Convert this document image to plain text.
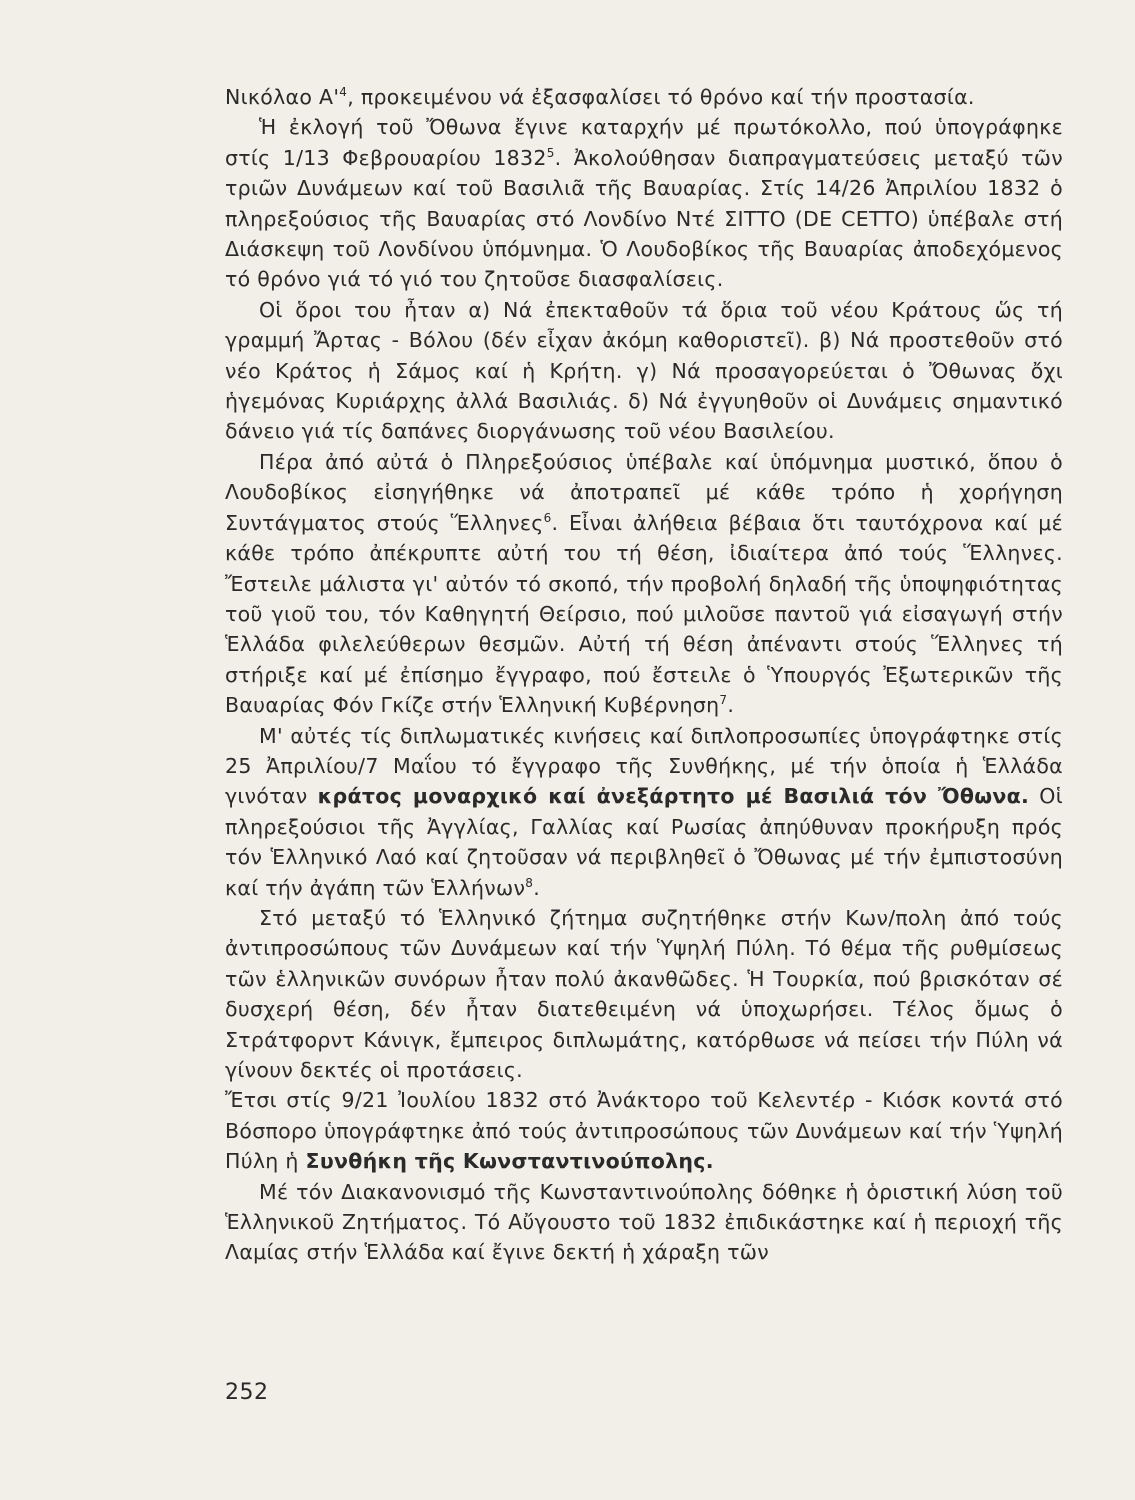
Νικόλαο $A'^4$, προκειμένου νά ἐξασφαλίσει τό θρόνο καί τήν προστασία.

Ἡ ἐκλογή τοῦ Ὄθωνα ἔγινε καταρχήν μέ πρωτόκολλο, πού ὑπογράφηκε στίς 1/13 Φεβρουαρίου 1832$^5$. Ἀκολούθησαν διαπραγματεύσεις μεταξύ τῶν τριῶν Δυνάμεων καί τοῦ Βασιλιᾶ τῆς Βαυαρίας. Στίς 14/26 Ἀπριλίου 1832 ὁ πληρεξούσιος τῆς Βαυαρίας στό Λονδίνο Ντέ ΣΙΤΤΟ (DE CETTO) ὑπέβαλε στή Διάσκεψη τοῦ Λονδίνου ὑπόμνημα. Ὁ Λουδοβίκος τῆς Βαυαρίας ἀποδεχόμενος τό θρόνο γιά τό γιό του ζητοῦσε διασφαλίσεις.

Οἱ ὅροι του ἦταν α) Νά ἐπεκταθοῦν τά ὅρια τοῦ νέου Κράτους ὥς τή γραμμή Ἄρτας - Βόλου (δέν εἶχαν ἀκόμη καθοριστεῖ). β) Νά προστεθοῦν στό νέο Κράτος ἡ Σάμος καί ἡ Κρήτη. γ) Νά προσαγορεύεται ὁ Ὄθωνας ὄχι ἡγεμόνας Κυριάρχης ἀλλά Βασιλιάς. δ) Νά ἐγγυηθοῦν οἱ Δυνάμεις σημαντικό δάνειο γιά τίς δαπάνες διοργάνωσης τοῦ νέου Βασιλείου.

Πέρα ἀπό αὐτά ὁ Πληρεξούσιος ὑπέβαλε καί ὑπόμνημα μυστικό, ὅπου ὁ Λουδοβίκος εἰσηγήθηκε νά ἀποτραπεῖ μέ κάθε τρόπο ἡ χορήγηση Συντάγματος στούς Ἕλληνες$^6$. Εἶναι ἀλήθεια βέβαια ὅτι ταυτόχρονα καί μέ κάθε τρόπο ἀπέκρυπτε αὐτή του τή θέση, ἰδιαίτερα ἀπό τούς Ἕλληνες. Ἔστειλε μάλιστα γι' αὐτόν τό σκοπό, τήν προβολή δηλαδή τῆς ὑποψηφιότητας τοῦ γιοῦ του, τόν Καθηγητή Θείρσιο, πού μιλοῦσε παντοῦ γιά εἰσαγωγή στήν Ἑλλάδα φιλελεύθερων θεσμῶν. Αὐτή τή θέση ἀπέναντι στούς Ἕλληνες τή στήριξε καί μέ ἐπίσημο ἔγγραφο, πού ἔστειλε ὁ Ὑπουργός Ἐξωτερικῶν τῆς Βαυαρίας Φόν Γκίζε στήν Ἑλληνική Κυβέρνηση$^7$.

Μ' αὐτές τίς διπλωματικές κινήσεις καί διπλοπροσωπίες ὑπογράφτηκε στίς 25 Ἀπριλίου/7 Μαΐου τό ἔγγραφο τῆς Συνθήκης, μέ τήν ὁποία ἡ Ἑλλάδα γινόταν κράτος μοναρχικό καί ἀνεξάρτητο μέ Βασιλιά τόν Ὄθωνα. Οἱ πληρεξούσιοι τῆς Ἀγγλίας, Γαλλίας καί Ρωσίας ἀπηύθυναν προκήρυξη πρός τόν Ἑλληνικό Λαό καί ζητοῦσαν νά περιβληθεῖ ὁ Ὄθωνας μέ τήν ἐμπιστοσύνη καί τήν ἀγάπη τῶν Ἑλλήνων$^8$.

Στό μεταξύ τό Ἑλληνικό ζήτημα συζητήθηκε στήν Κων/πολη ἀπό τούς ἀντιπροσώπους τῶν Δυνάμεων καί τήν Ὑψηλή Πύλη. Τό θέμα τῆς ρυθμίσεως τῶν ἑλληνικῶν συνόρων ἦταν πολύ ἀκανθῶδες. Ἡ Τουρκία, πού βρισκόταν σέ δυσχερή θέση, δέν ἦταν διατεθειμένη νά ὑποχωρήσει. Τέλος ὅμως ὁ Στράτφορντ Κάνιγκ, ἔμπειρος διπλωμάτης, κατόρθωσε νά πείσει τήν Πύλη νά γίνουν δεκτές οἱ προτάσεις.

Ἔτσι στίς 9/21 Ἰουλίου 1832 στό Ἀνάκτορο τοῦ Κελεντέρ - Κιόσκ κοντά στό Βόσπορο ὑπογράφτηκε ἀπό τούς ἀντιπροσώπους τῶν Δυνάμεων καί τήν Ὑψηλή Πύλη ἡ Συνθήκη τῆς Κωνσταντινούπολης.

Μέ τόν Διακανονισμό τῆς Κωνσταντινούπολης δόθηκε ἡ ὁριστική λύση τοῦ Ἑλληνικοῦ Ζητήματος. Τό Αὔγουστο τοῦ 1832 ἐπιδικάστηκε καί ἡ περιοχή τῆς Λαμίας στήν Ἑλλάδα καί ἔγινε δεκτή ἡ χάραξη τῶν

252
